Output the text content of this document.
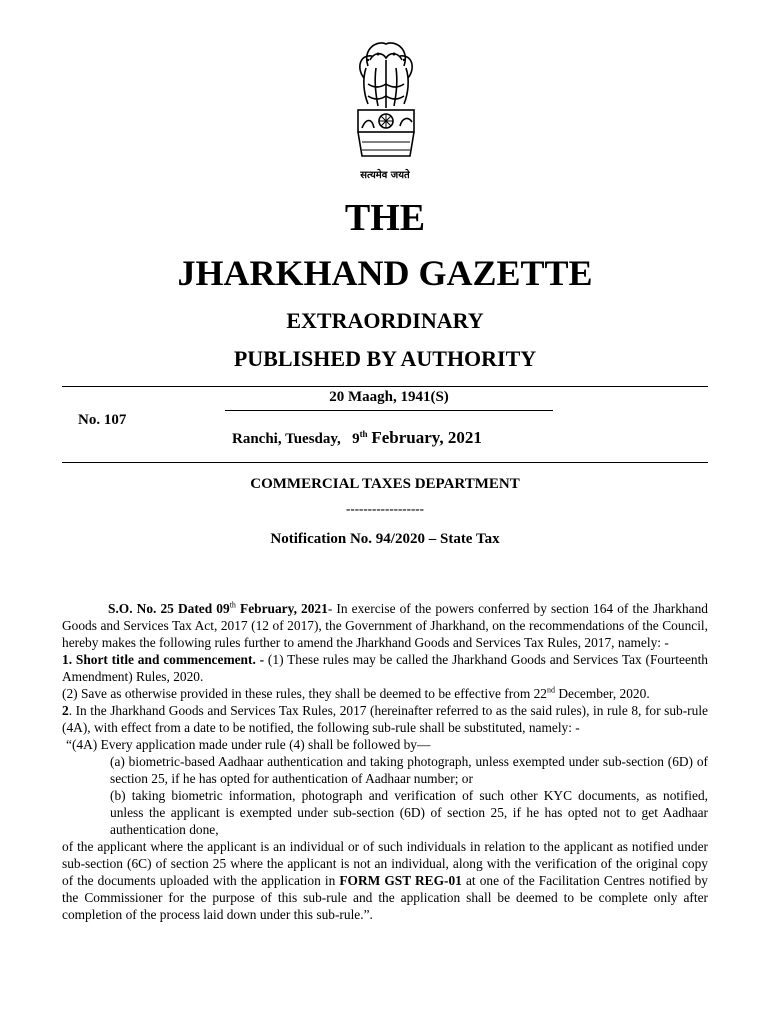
सत्यमेव जयते
THE
JHARKHAND GAZETTE
EXTRAORDINARY
PUBLISHED BY AUTHORITY
20 Maagh, 1941(S)
No. 107
Ranchi, Tuesday, 9th February, 2021
COMMERCIAL TAXES DEPARTMENT
------------------
Notification No. 94/2020 – State Tax

S.O. No. 25 Dated 09th February, 2021- In exercise of the powers conferred by section 164 of the Jharkhand Goods and Services Tax Act, 2017 (12 of 2017), the Government of Jharkhand, on the recommendations of the Council, hereby makes the following rules further to amend the Jharkhand Goods and Services Tax Rules, 2017, namely: -

1. Short title and commencement. - (1) These rules may be called the Jharkhand Goods and Services Tax (Fourteenth Amendment) Rules, 2020.

(2) Save as otherwise provided in these rules, they shall be deemed to be effective from 22nd December, 2020.

2. In the Jharkhand Goods and Services Tax Rules, 2017 (hereinafter referred to as the said rules), in rule 8, for sub-rule (4A), with effect from a date to be notified, the following sub-rule shall be substituted, namely: -

“(4A) Every application made under rule (4) shall be followed by—

(a) biometric-based Aadhaar authentication and taking photograph, unless exempted under sub-section (6D) of section 25, if he has opted for authentication of Aadhaar number; or

(b) taking biometric information, photograph and verification of such other KYC documents, as notified, unless the applicant is exempted under sub-section (6D) of section 25, if he has opted not to get Aadhaar authentication done,

of the applicant where the applicant is an individual or of such individuals in relation to the applicant as notified under sub-section (6C) of section 25 where the applicant is not an individual, along with the verification of the original copy of the documents uploaded with the application in FORM GST REG-01 at one of the Facilitation Centres notified by the Commissioner for the purpose of this sub-rule and the application shall be deemed to be complete only after completion of the process laid down under this sub-rule.”.
